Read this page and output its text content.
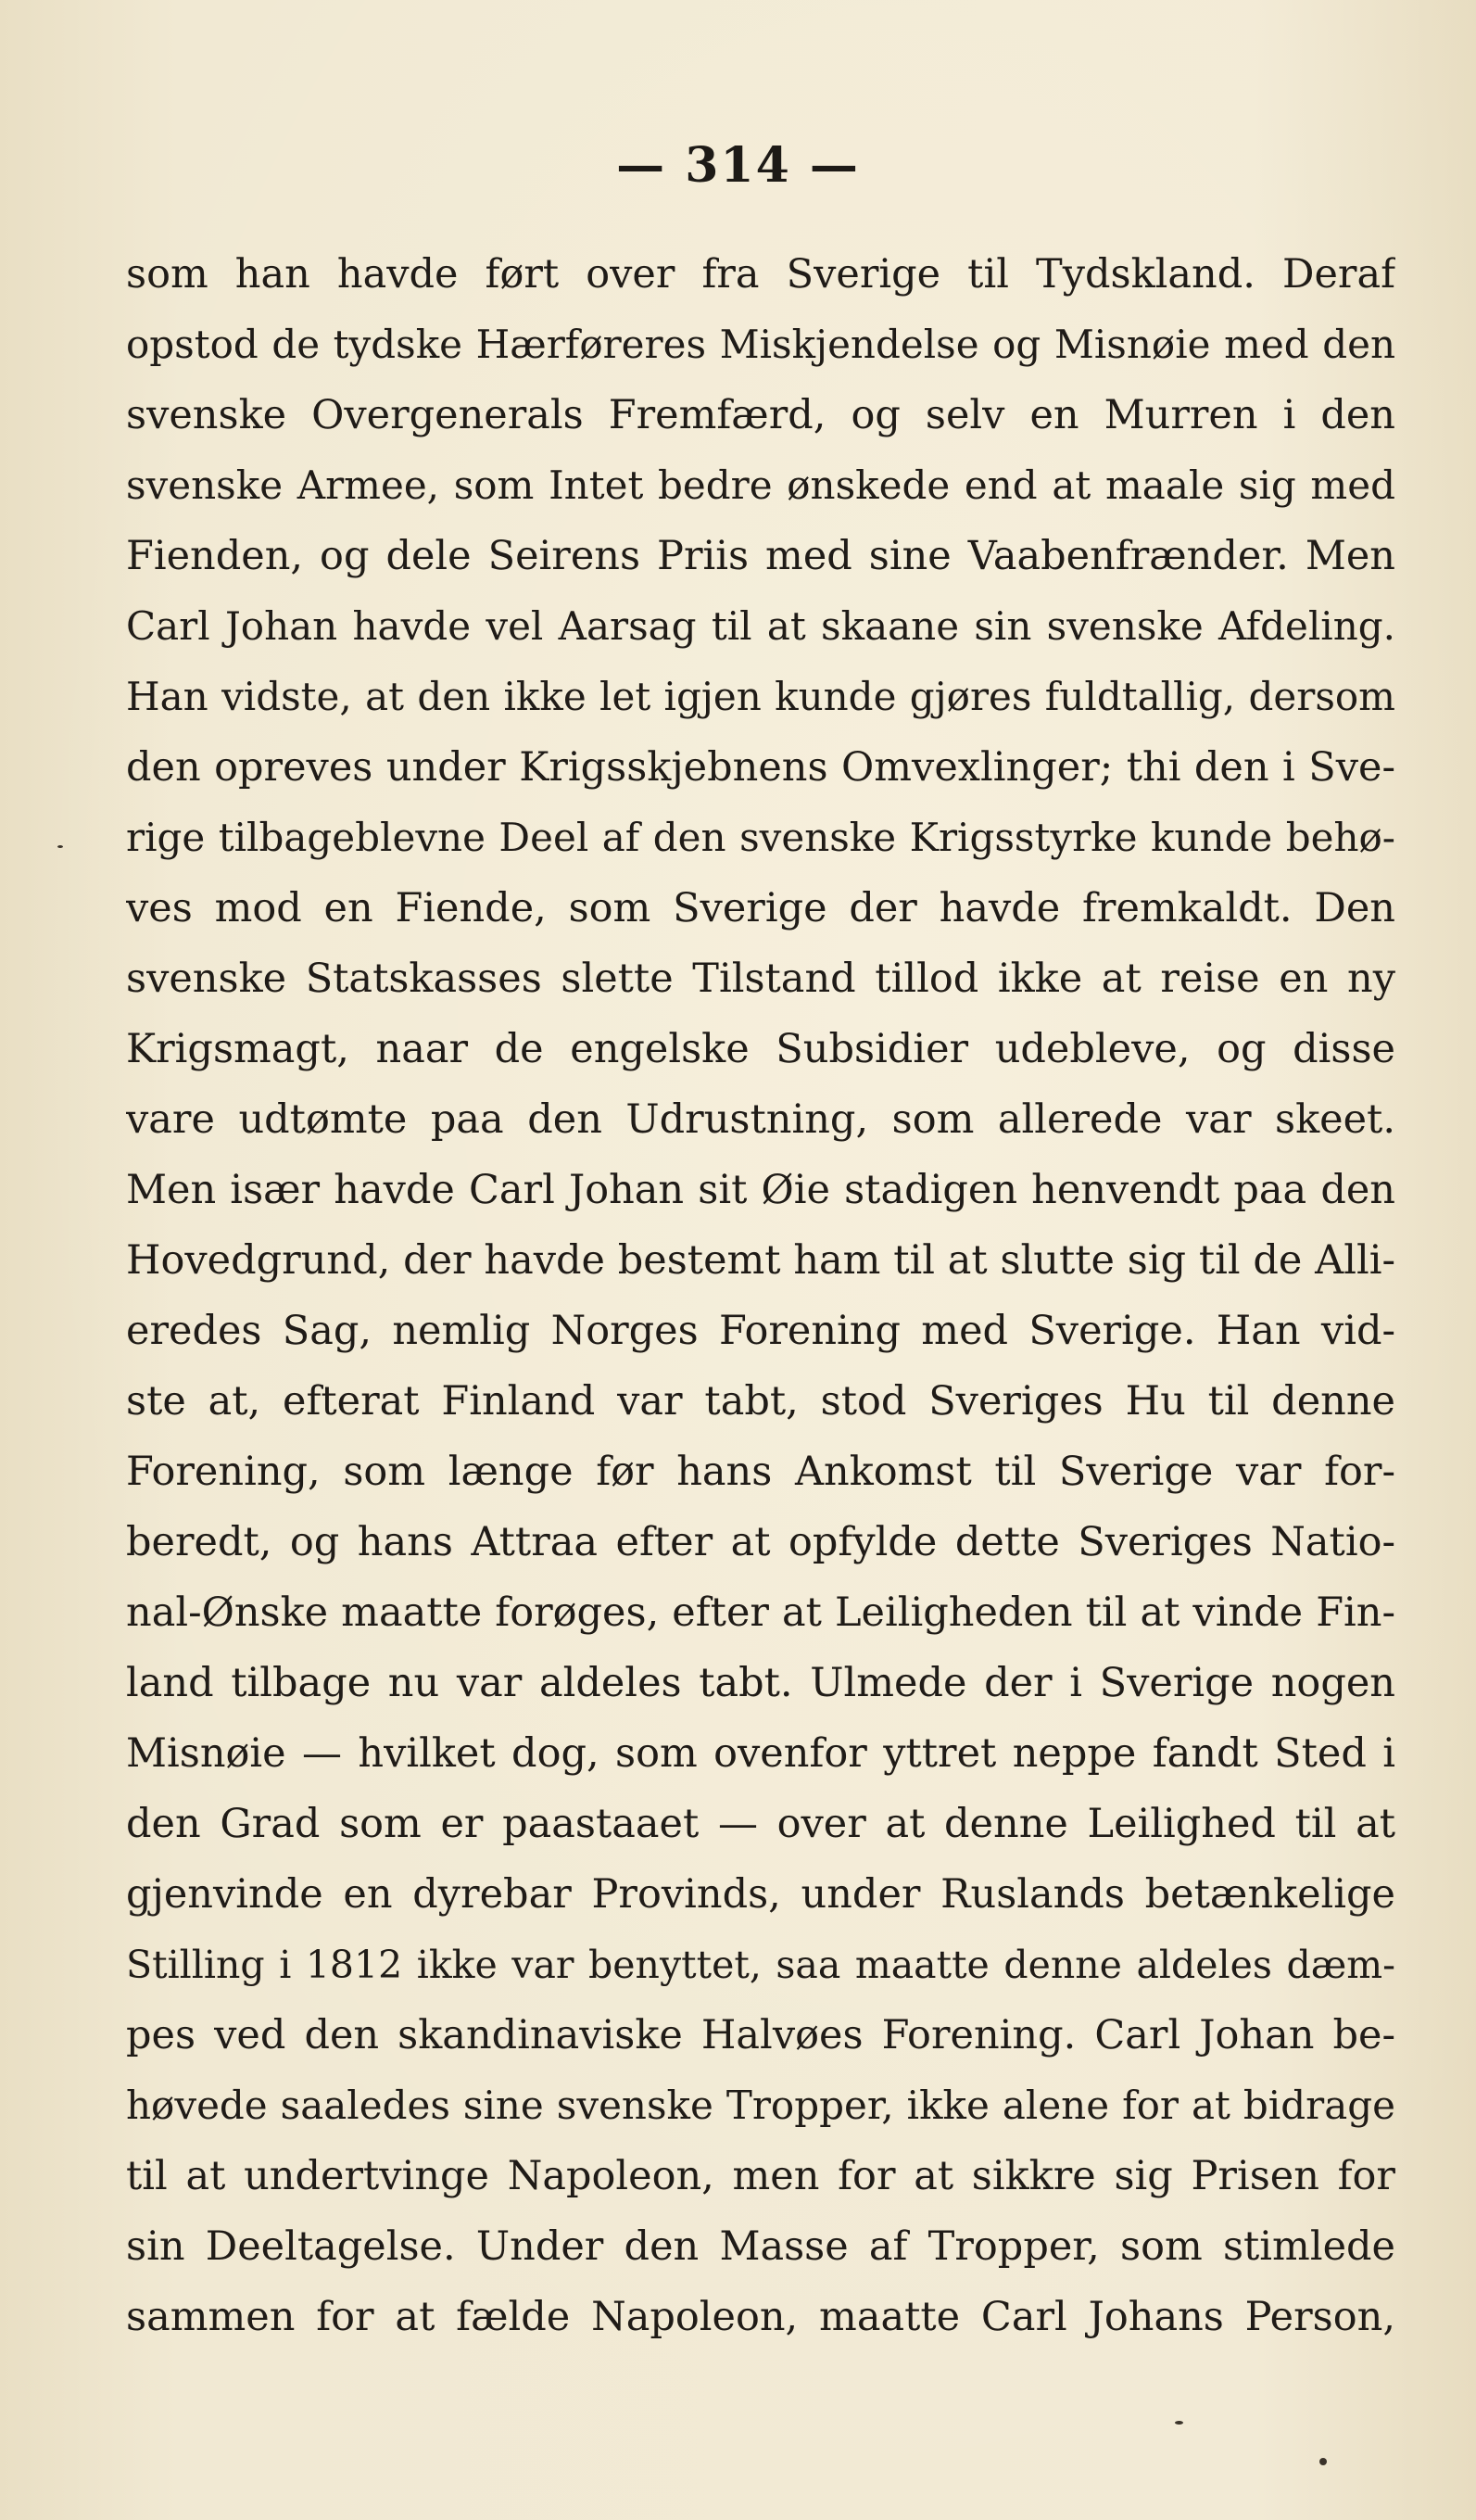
— 314 —
som han havde ført over fra Sverige til Tydskland. Deraf
opstod de tydske Hærføreres Miskjendelse og Misnøie med den
svenske Overgenerals Fremfærd, og selv en Murren i den
svenske Armee, som Intet bedre ønskede end at maale sig med
Fienden, og dele Seirens Priis med sine Vaabenfrænder. Men
Carl Johan havde vel Aarsag til at skaane sin svenske Afdeling.
Han vidste, at den ikke let igjen kunde gjøres fuldtallig, dersom
den opreves under Krigsskjebnens Omvexlinger; thi den i Sve-
rige tilbageblevne Deel af den svenske Krigsstyrke kunde behø-
ves mod en Fiende, som Sverige der havde fremkaldt. Den
svenske Statskasses slette Tilstand tillod ikke at reise en ny
Krigsmagt, naar de engelske Subsidier udebleve, og disse
vare udtømte paa den Udrustning, som allerede var skeet.
Men især havde Carl Johan sit Øie stadigen henvendt paa den
Hovedgrund, der havde bestemt ham til at slutte sig til de Alli-
eredes Sag, nemlig Norges Forening med Sverige. Han vid-
ste at, efterat Finland var tabt, stod Sveriges Hu til denne
Forening, som længe før hans Ankomst til Sverige var for-
beredt, og hans Attraa efter at opfylde dette Sveriges Natio-
nal-Ønske maatte forøges, efter at Leiligheden til at vinde Fin-
land tilbage nu var aldeles tabt. Ulmede der i Sverige nogen
Misnøie — hvilket dog, som ovenfor yttret neppe fandt Sted i
den Grad som er paastaaet — over at denne Leilighed til at
gjenvinde en dyrebar Provinds, under Ruslands betænkelige
Stilling i 1812 ikke var benyttet, saa maatte denne aldeles dæm-
pes ved den skandinaviske Halvøes Forening. Carl Johan be-
høvede saaledes sine svenske Tropper, ikke alene for at bidrage
til at undertvinge Napoleon, men for at sikkre sig Prisen for
sin Deeltagelse. Under den Masse af Tropper, som stimlede
sammen for at fælde Napoleon, maatte Carl Johans Person,
